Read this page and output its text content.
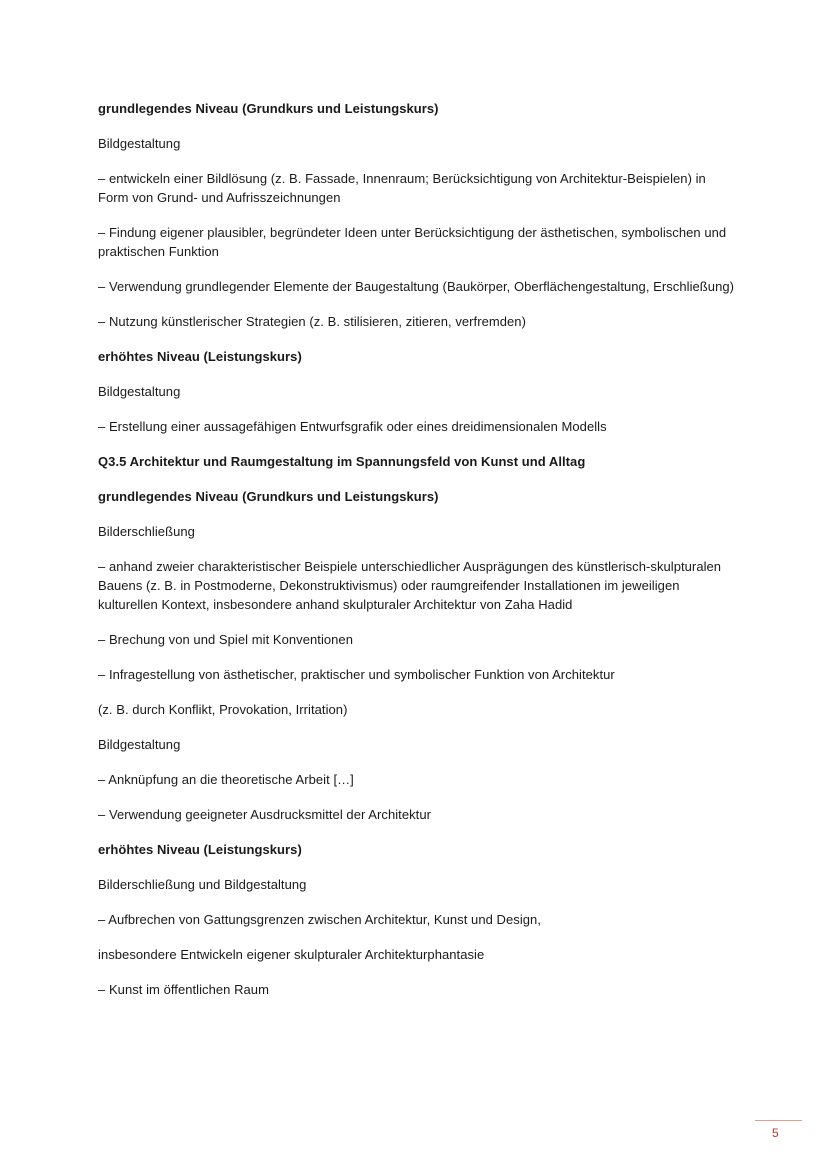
grundlegendes Niveau (Grundkurs und Leistungskurs)

Bildgestaltung

– entwickeln einer Bildlösung (z. B. Fassade, Innenraum; Berücksichtigung von Architektur-Beispielen) in Form von Grund- und Aufrisszeichnungen

– Findung eigener plausibler, begründeter Ideen unter Berücksichtigung der ästhetischen, symbolischen und praktischen Funktion

– Verwendung grundlegender Elemente der Baugestaltung (Baukörper, Oberflächengestaltung, Erschließung)

– Nutzung künstlerischer Strategien (z. B. stilisieren, zitieren, verfremden)

erhöhtes Niveau (Leistungskurs)

Bildgestaltung

– Erstellung einer aussagefähigen Entwurfsgrafik oder eines dreidimensionalen Modells

Q3.5 Architektur und Raumgestaltung im Spannungsfeld von Kunst und Alltag

grundlegendes Niveau (Grundkurs und Leistungskurs)

Bilderschließung

– anhand zweier charakteristischer Beispiele unterschiedlicher Ausprägungen des künstlerisch-skulpturalen Bauens (z. B. in Postmoderne, Dekonstruktivismus) oder raumgreifender Installationen im jeweiligen kulturellen Kontext, insbesondere anhand skulpturaler Architektur von Zaha Hadid

– Brechung von und Spiel mit Konventionen

– Infragestellung von ästhetischer, praktischer und symbolischer Funktion von Architektur

(z. B. durch Konflikt, Provokation, Irritation)

Bildgestaltung

– Anknüpfung an die theoretische Arbeit […]

– Verwendung geeigneter Ausdrucksmittel der Architektur

erhöhtes Niveau (Leistungskurs)

Bilderschließung und Bildgestaltung

– Aufbrechen von Gattungsgrenzen zwischen Architektur, Kunst und Design,

insbesondere Entwickeln eigener skulpturaler Architekturphantasie

– Kunst im öffentlichen Raum

5
